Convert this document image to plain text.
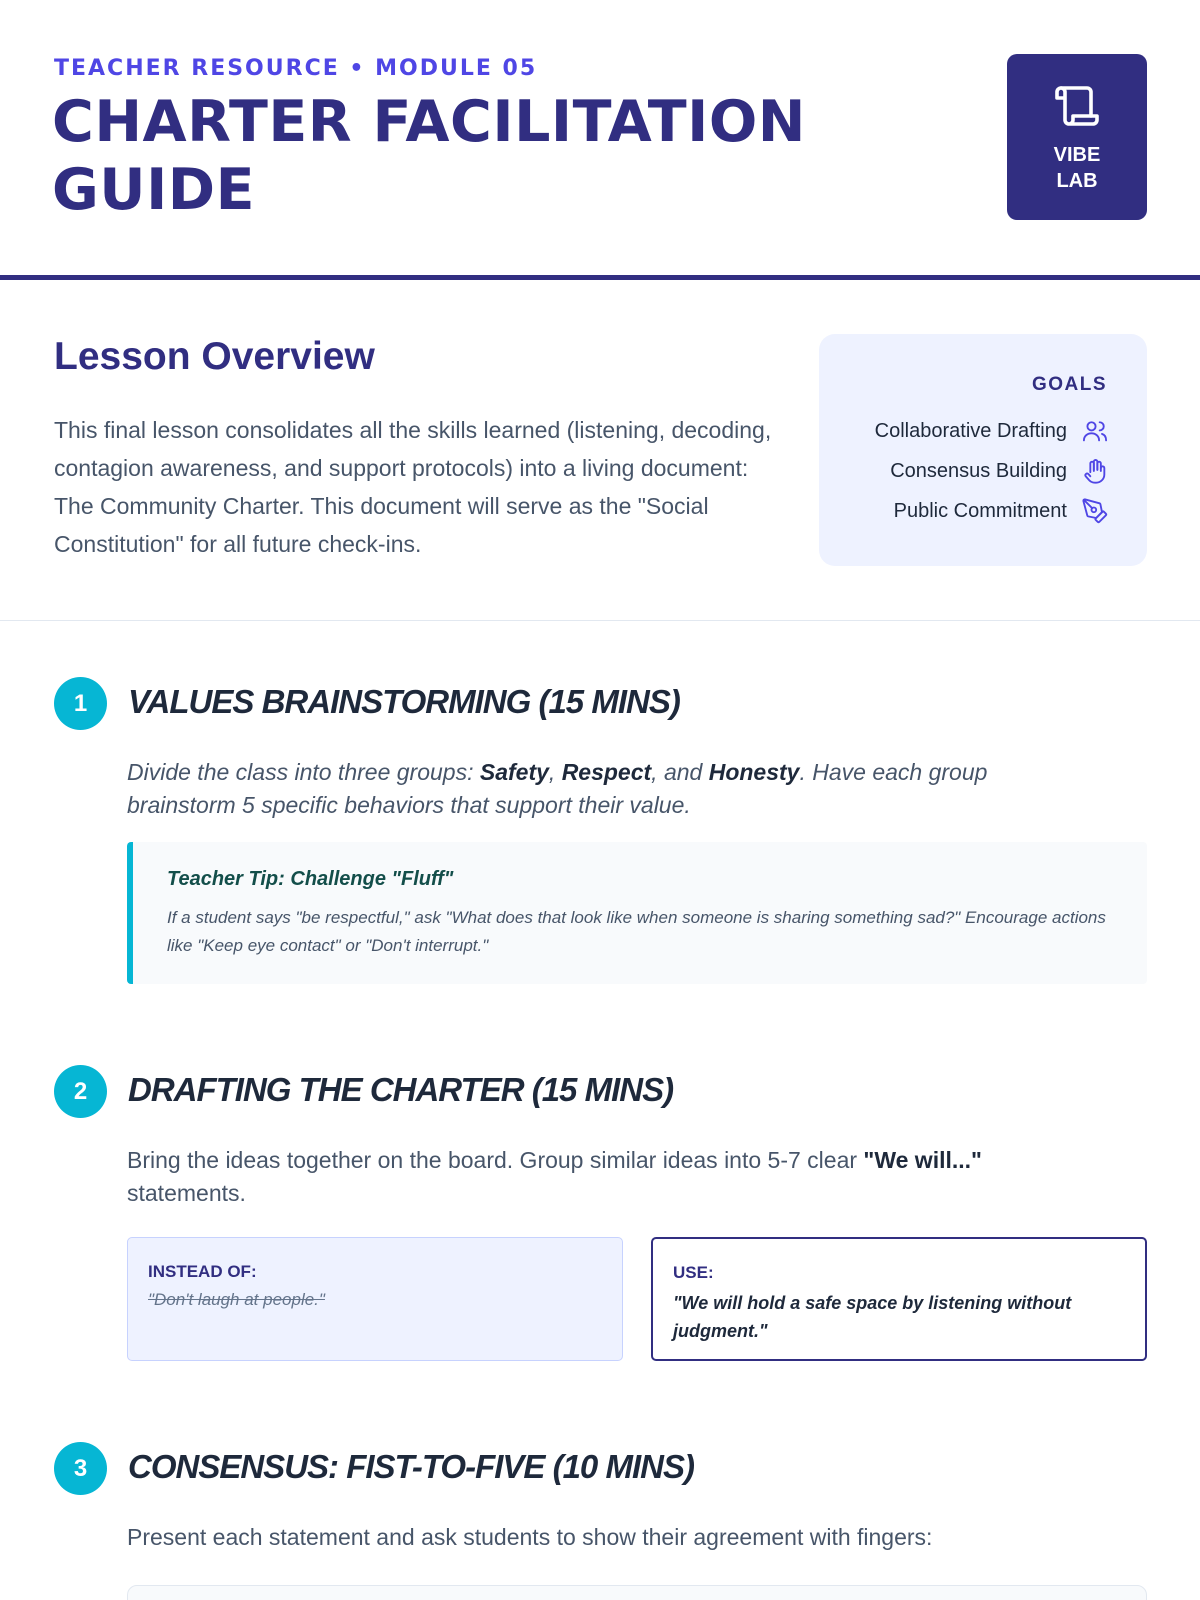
TEACHER RESOURCE • MODULE 05
CHARTER FACILITATION GUIDE
VIBE
LAB
Lesson Overview
This final lesson consolidates all the skills learned (listening, decoding, contagion awareness, and support protocols) into a living document: The Community Charter. This document will serve as the "Social Constitution" for all future check-ins.
GOALS
Collaborative Drafting
Consensus Building
Public Commitment
1	VALUES BRAINSTORMING (15 MINS)
Divide the class into three groups: Safety, Respect, and Honesty. Have each group brainstorm 5 specific behaviors that support their value.
Teacher Tip: Challenge "Fluff"
If a student says "be respectful," ask "What does that look like when someone is sharing something sad?" Encourage actions like "Keep eye contact" or "Don't interrupt."
2	DRAFTING THE CHARTER (15 MINS)
Bring the ideas together on the board. Group similar ideas into 5-7 clear "We will..." statements.
INSTEAD OF:
"Don't laugh at people."
USE:
"We will hold a safe space by listening without judgment."
3	CONSENSUS: FIST-TO-FIVE (10 MINS)
Present each statement and ask students to show their agreement with fingers:
